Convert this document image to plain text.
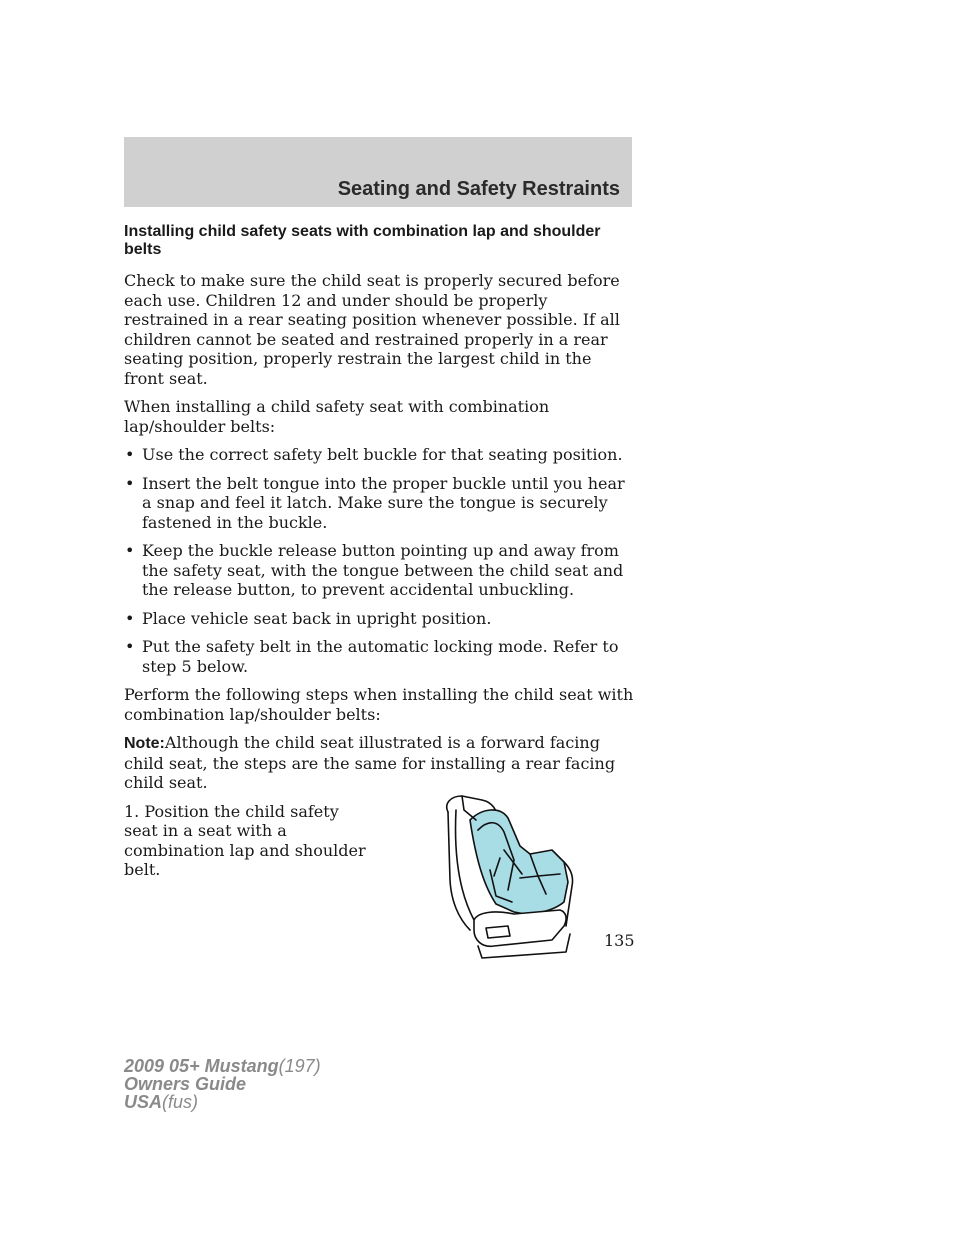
Seating and Safety Restraints
Installing child safety seats with combination lap and shoulder belts

Check to make sure the child seat is properly secured before each use. Children 12 and under should be properly restrained in a rear seating position whenever possible. If all children cannot be seated and restrained properly in a rear seating position, properly restrain the largest child in the front seat.

When installing a child safety seat with combination lap/shoulder belts:

• Use the correct safety belt buckle for that seating position.
• Insert the belt tongue into the proper buckle until you hear a snap and feel it latch. Make sure the tongue is securely fastened in the buckle.
• Keep the buckle release button pointing up and away from the safety seat, with the tongue between the child seat and the release button, to prevent accidental unbuckling.
• Place vehicle seat back in upright position.
• Put the safety belt in the automatic locking mode. Refer to step 5 below.

Perform the following steps when installing the child seat with combination lap/shoulder belts:

Note:Although the child seat illustrated is a forward facing child seat, the steps are the same for installing a rear facing child seat.

1. Position the child safety seat in a seat with a combination lap and shoulder belt.
135
2009 05+ Mustang(197)
Owners Guide
USA(fus)
